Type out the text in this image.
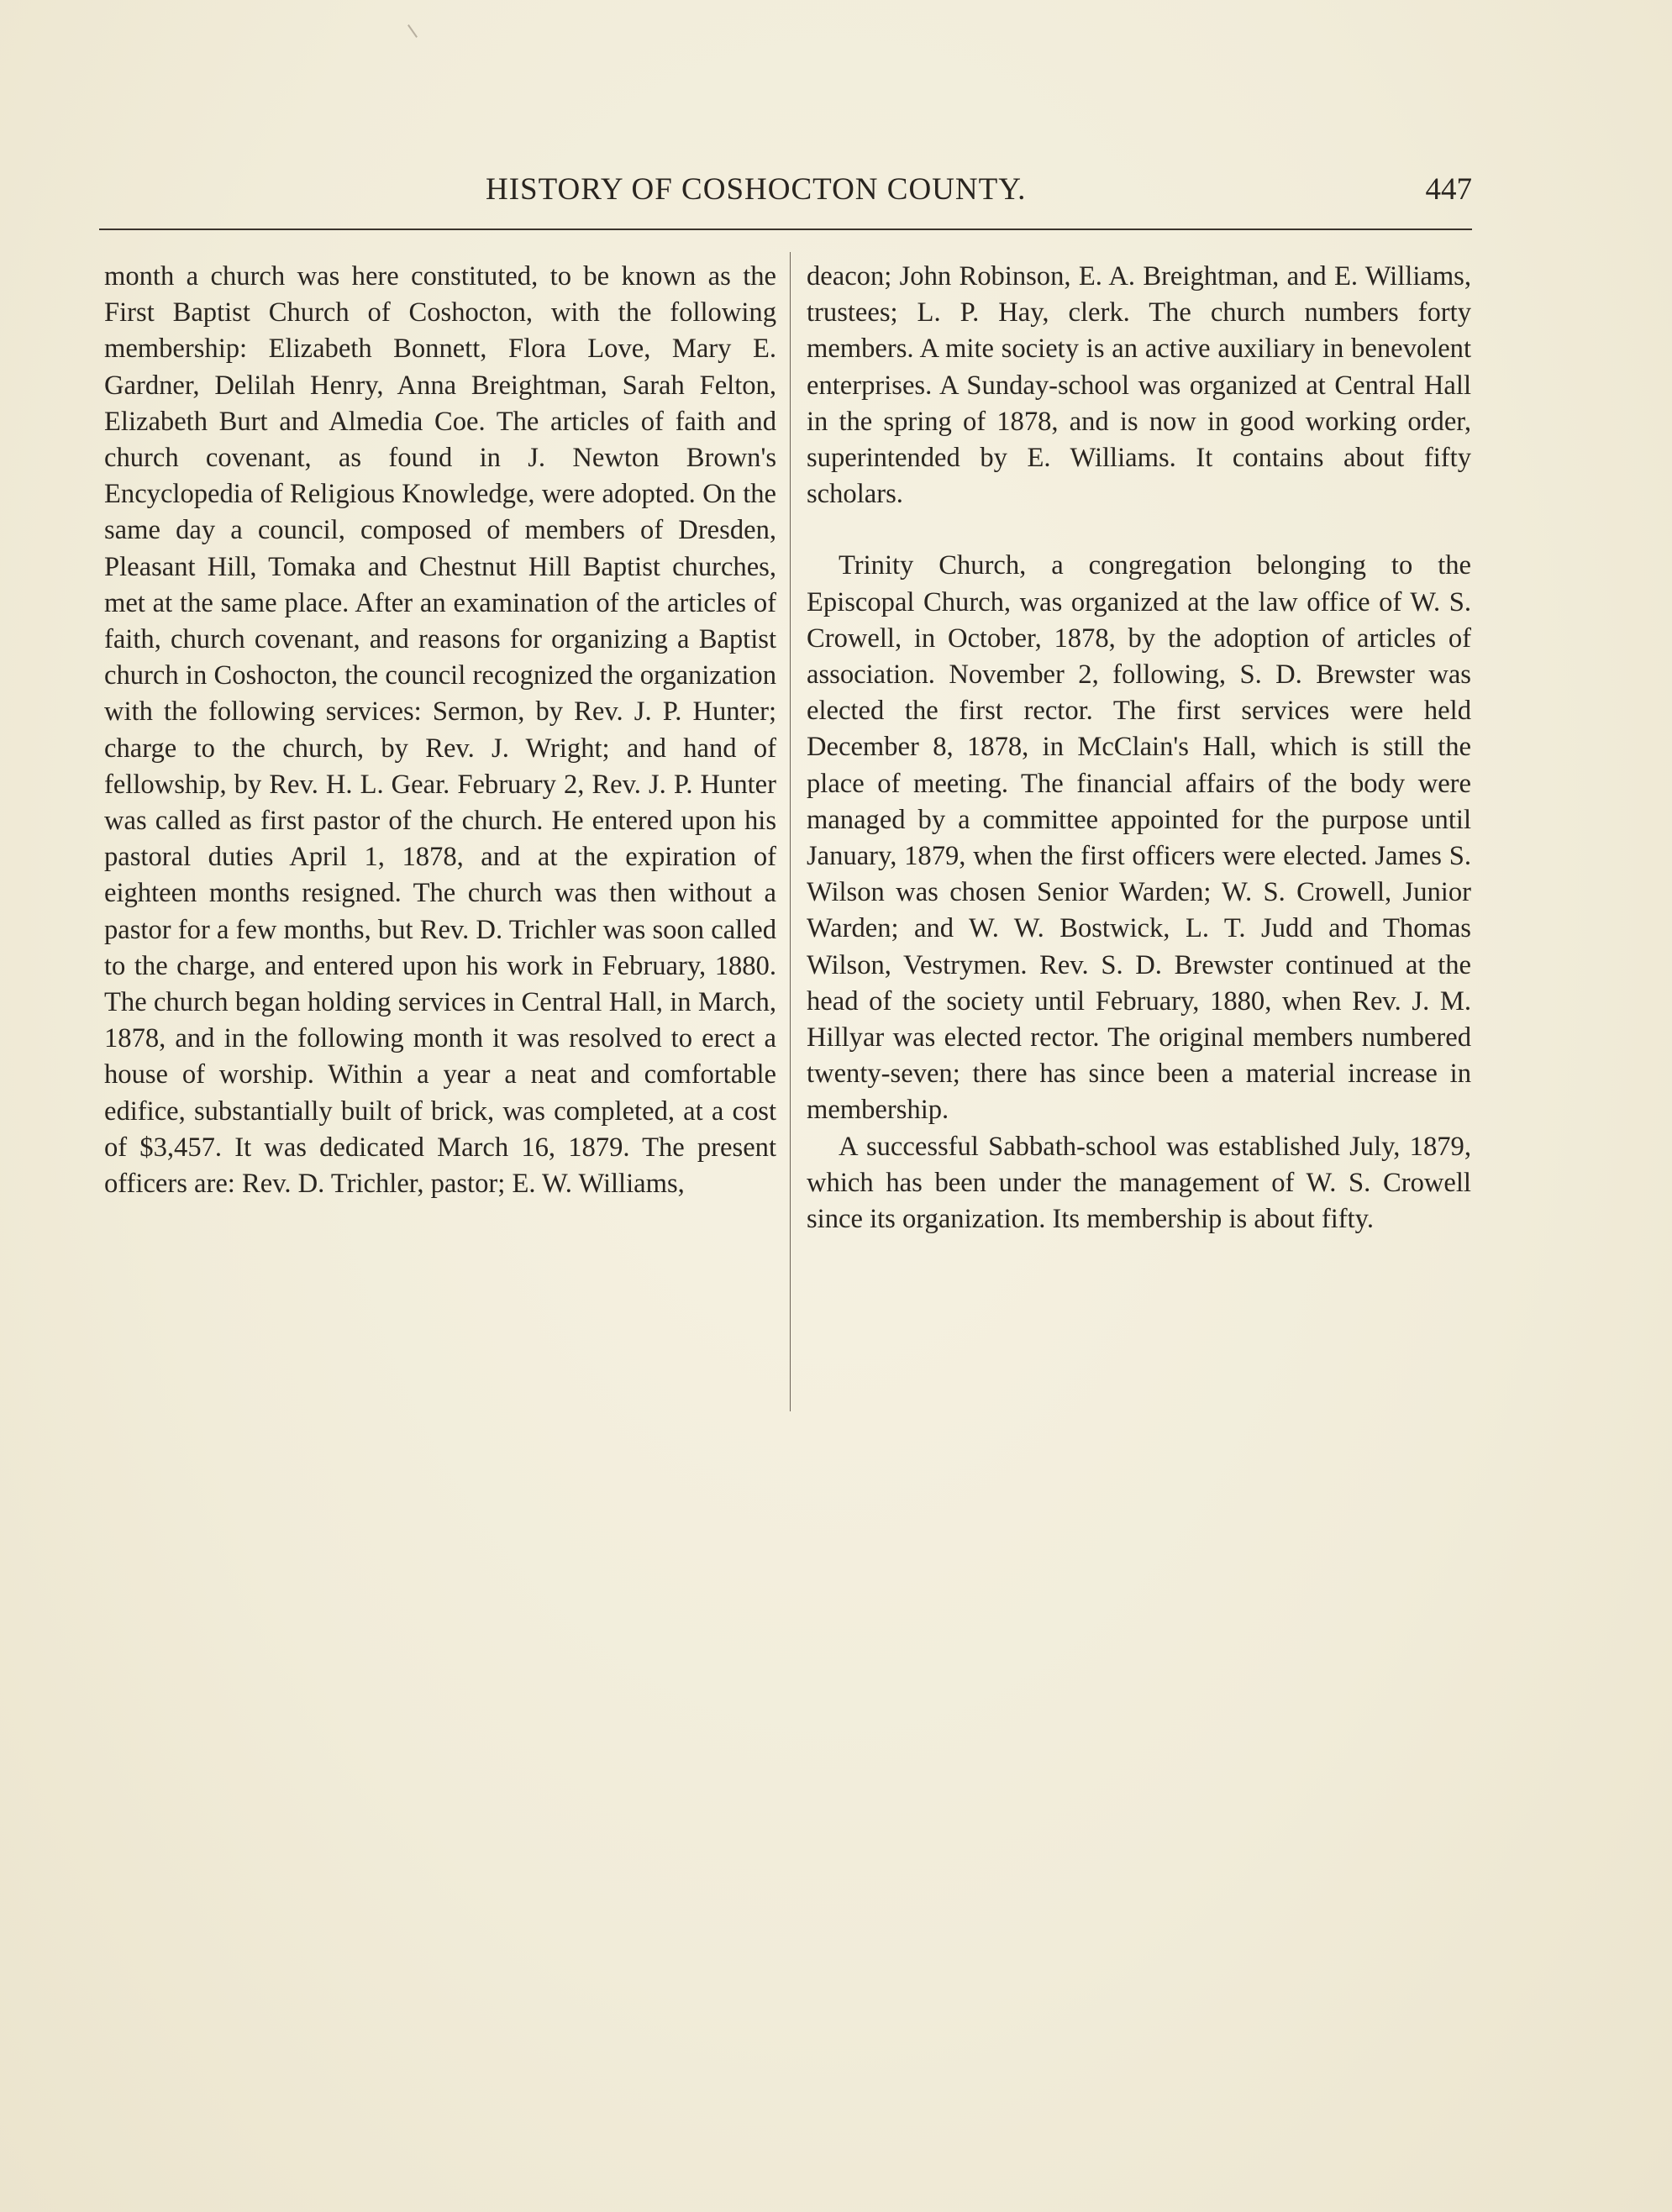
HISTORY OF COSHOCTON COUNTY.	447

month a church was here constituted, to be known as the First Baptist Church of Coshocton, with the following membership: Elizabeth Bonnett, Flora Love, Mary E. Gardner, Delilah Henry, Anna Breightman, Sarah Felton, Elizabeth Burt and Almedia Coe. The articles of faith and church covenant, as found in J. Newton Brown's Encyclopedia of Religious Knowledge, were adopted. On the same day a council, composed of members of Dresden, Pleasant Hill, Tomaka and Chestnut Hill Baptist churches, met at the same place. After an examination of the articles of faith, church covenant, and reasons for organizing a Baptist church in Coshocton, the council recognized the organization with the following services: Sermon, by Rev. J. P. Hunter; charge to the church, by Rev. J. Wright; and hand of fellowship, by Rev. H. L. Gear. February 2, Rev. J. P. Hunter was called as first pastor of the church. He entered upon his pastoral duties April 1, 1878, and at the expiration of eighteen months resigned. The church was then without a pastor for a few months, but Rev. D. Trichler was soon called to the charge, and entered upon his work in February, 1880. The church began holding services in Central Hall, in March, 1878, and in the following month it was resolved to erect a house of worship. Within a year a neat and comfortable edifice, substantially built of brick, was completed, at a cost of $3,457. It was dedicated March 16, 1879. The present officers are: Rev. D. Trichler, pastor; E. W. Williams,

deacon; John Robinson, E. A. Breightman, and E. Williams, trustees; L. P. Hay, clerk. The church numbers forty members. A mite society is an active auxiliary in benevolent enterprises. A Sunday-school was organized at Central Hall in the spring of 1878, and is now in good working order, superintended by E. Williams. It contains about fifty scholars.

Trinity Church, a congregation belonging to the Episcopal Church, was organized at the law office of W. S. Crowell, in October, 1878, by the adoption of articles of association. November 2, following, S. D. Brewster was elected the first rector. The first services were held December 8, 1878, in McClain's Hall, which is still the place of meeting. The financial affairs of the body were managed by a committee appointed for the purpose until January, 1879, when the first officers were elected. James S. Wilson was chosen Senior Warden; W. S. Crowell, Junior Warden; and W. W. Bostwick, L. T. Judd and Thomas Wilson, Vestrymen. Rev. S. D. Brewster continued at the head of the society until February, 1880, when Rev. J. M. Hillyar was elected rector. The original members numbered twenty-seven; there has since been a material increase in membership.

A successful Sabbath-school was established July, 1879, which has been under the management of W. S. Crowell since its organization. Its membership is about fifty.
